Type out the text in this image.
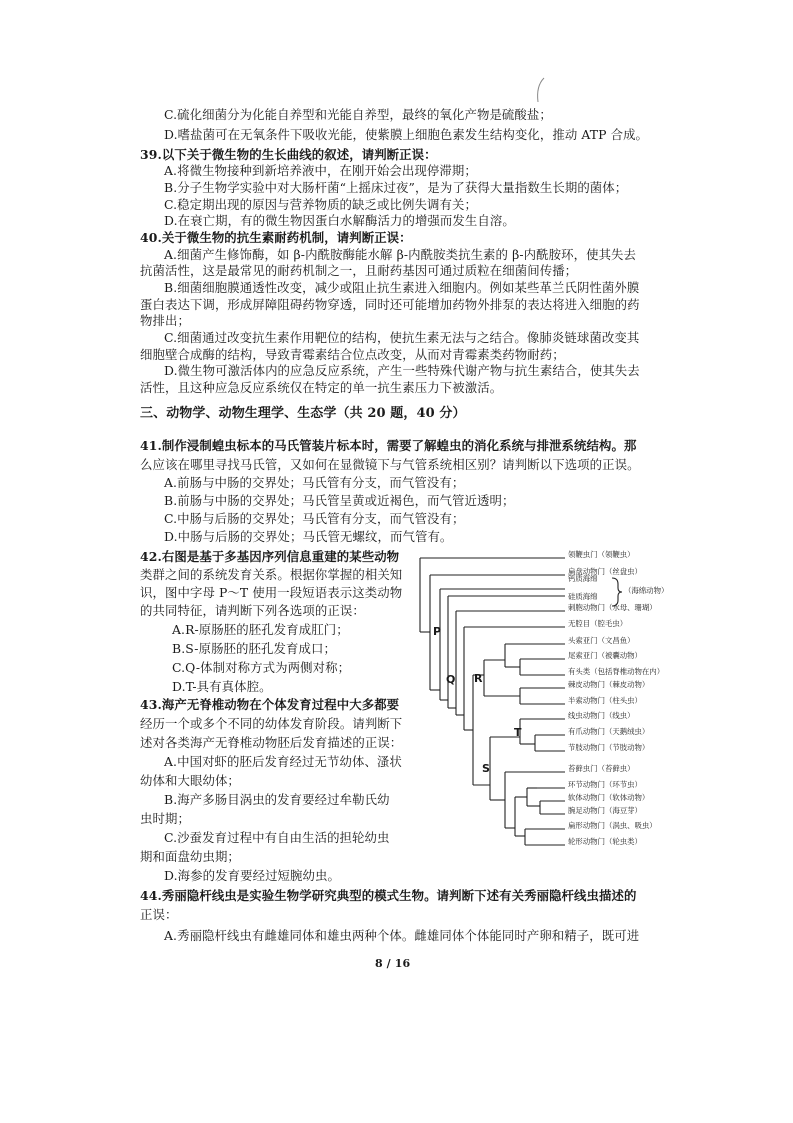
C.硫化细菌分为化能自养型和光能自养型，最终的氧化产物是硫酸盐；
D.嗜盐菌可在无氧条件下吸收光能，使紫膜上细胞色素发生结构变化，推动 ATP 合成。
39.以下关于微生物的生长曲线的叙述，请判断正误：
A.将微生物接种到新培养液中，在刚开始会出现停滞期；
B.分子生物学实验中对大肠杆菌“上摇床过夜”，是为了获得大量指数生长期的菌体；
C.稳定期出现的原因与营养物质的缺乏或比例失调有关；
D.在衰亡期，有的微生物因蛋白水解酶活力的增强而发生自溶。
40.关于微生物的抗生素耐药机制，请判断正误：
A.细菌产生修饰酶，如 β-内酰胺酶能水解 β-内酰胺类抗生素的 β-内酰胺环，使其失去
抗菌活性，这是最常见的耐药机制之一，且耐药基因可通过质粒在细菌间传播；
B.细菌细胞膜通透性改变，减少或阻止抗生素进入细胞内。例如某些革兰氏阴性菌外膜
蛋白表达下调，形成屏障阻碍药物穿透，同时还可能增加药物外排泵的表达将进入细胞的药
物排出；
C.细菌通过改变抗生素作用靶位的结构，使抗生素无法与之结合。像肺炎链球菌改变其
细胞壁合成酶的结构，导致青霉素结合位点改变，从而对青霉素类药物耐药；
D.微生物可激活体内的应急反应系统，产生一些特殊代谢产物与抗生素结合，使其失去
活性，且这种应急反应系统仅在特定的单一抗生素压力下被激活。
三、动物学、动物生理学、生态学（共 20 题，40 分）
41.制作浸制蝗虫标本的马氏管装片标本时，需要了解蝗虫的消化系统与排泄系统结构。那
么应该在哪里寻找马氏管，又如何在显微镜下与气管系统相区别？请判断以下选项的正误。
A.前肠与中肠的交界处；马氏管有分支，而气管没有；
B.前肠与中肠的交界处；马氏管呈黄或近褐色，而气管近透明；
C.中肠与后肠的交界处；马氏管有分支，而气管没有；
D.中肠与后肠的交界处；马氏管无螺纹，而气管有。
42.右图是基于多基因序列信息重建的某些动物
类群之间的系统发育关系。根据你掌握的相关知
识，图中字母 P～T 使用一段短语表示这类动物
的共同特征，请判断下列各选项的正误：
A.R-原肠胚的胚孔发育成肛门；
B.S-原肠胚的胚孔发育成口；
C.Q-体制对称方式为两侧对称；
D.T-具有真体腔。
43.海产无脊椎动物在个体发育过程中大多都要
经历一个或多个不同的幼体发育阶段。请判断下
述对各类海产无脊椎动物胚后发育描述的正误：
A.中国对虾的胚后发育经过无节幼体、溞状
幼体和大眼幼体；
B.海产多肠目涡虫的发育要经过牟勒氏幼
虫时期；
C.沙蚕发育过程中有自由生活的担轮幼虫
期和面盘幼虫期；
D.海参的发育要经过短腕幼虫。
44.秀丽隐杆线虫是实验生物学研究典型的模式生物。请判断下述有关秀丽隐杆线虫描述的
正误：
A.秀丽隐杆线虫有雌雄同体和雄虫两种个体。雌雄同体个体能同时产卵和精子，既可进
8 / 16
领鞭虫门（领鞭虫）
扁盘动物门（丝盘虫）
钙质海绵
硅质海绵
刺胞动物门（水母、珊瑚）
无腔目（腔毛虫）
头索亚门（文昌鱼）
尾索亚门（被囊动物）
有头类（包括脊椎动物在内）
棘皮动物门（棘皮动物）
半索动物门（柱头虫）
线虫动物门（线虫）
有爪动物门（天鹅绒虫）
节肢动物门（节肢动物）
苔藓虫门（苔藓虫）
环节动物门（环节虫）
软体动物门（软体动物）
腕足动物门（海豆芽）
扁形动物门（涡虫、吸虫）
轮形动物门（轮虫类）
（海绵动物）
P
Q R
S
T
